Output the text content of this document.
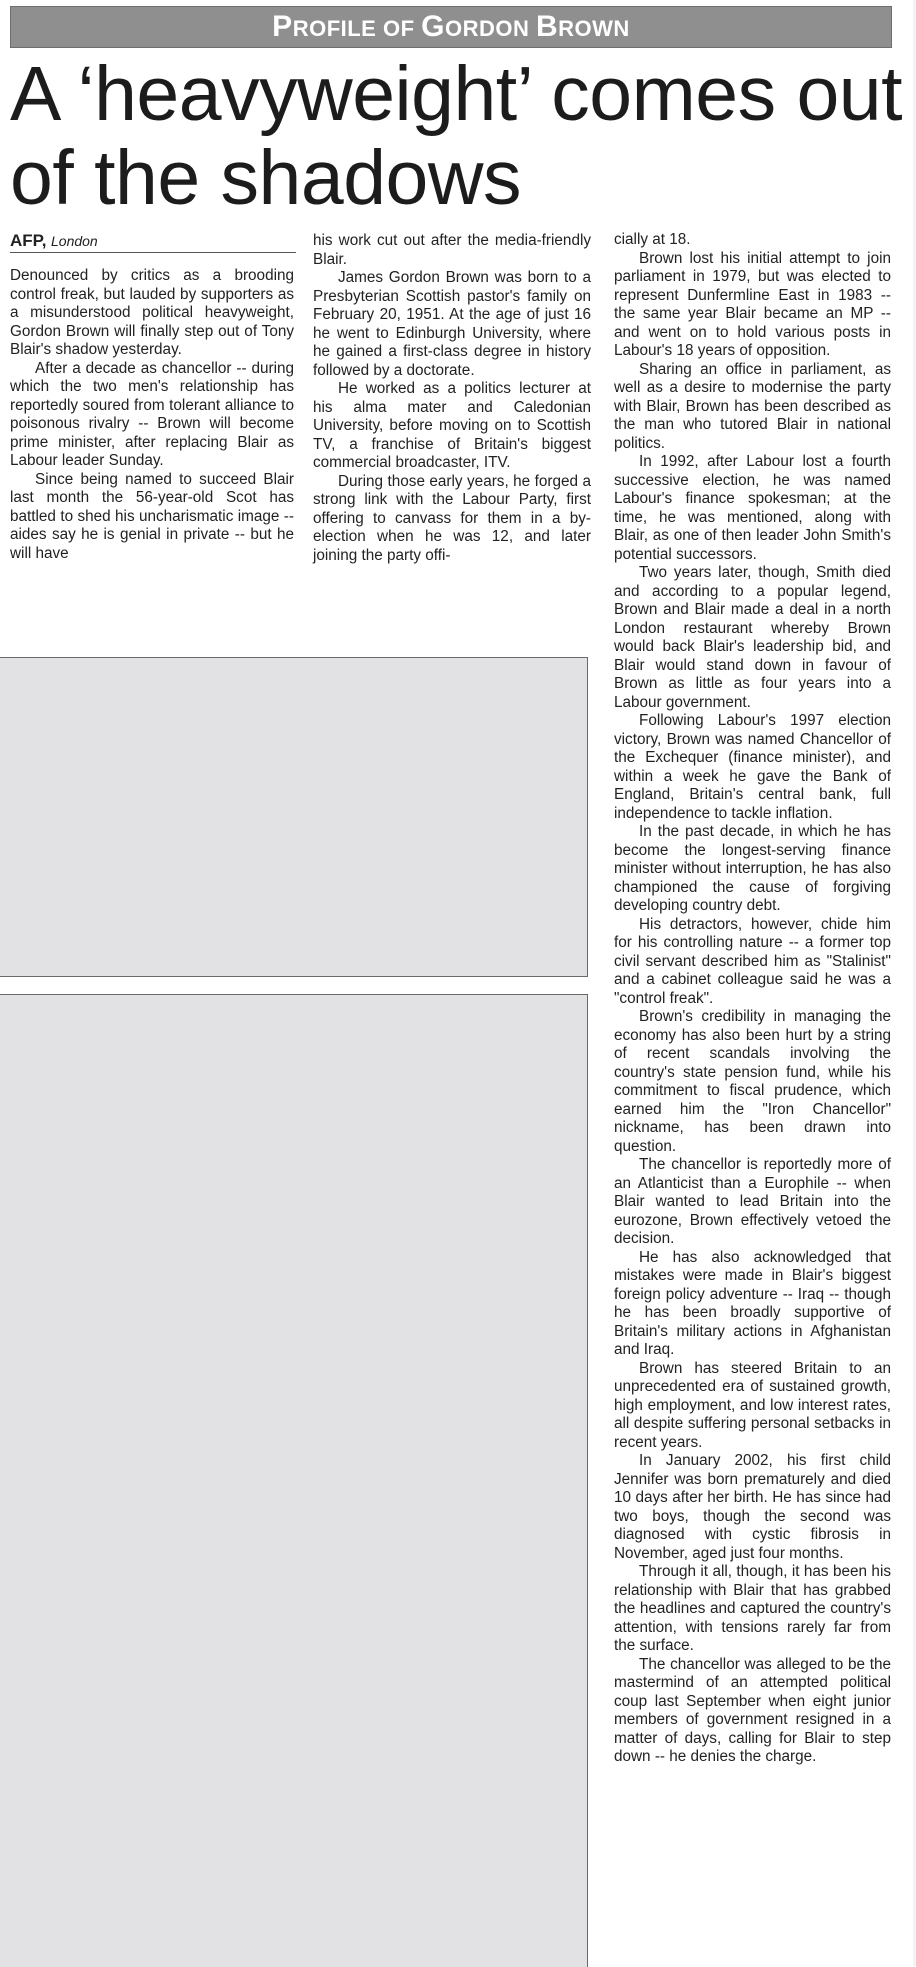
PROFILE OF GORDON BROWN
A ‘heavyweight’ comes out
of the shadows
AFP, London

Denounced by critics as a brooding control freak, but lauded by supporters as a misunderstood political heavyweight, Gordon Brown will finally step out of Tony Blair's shadow yesterday.

After a decade as chancellor -- during which the two men's relationship has reportedly soured from tolerant alliance to poisonous rivalry -- Brown will become prime minister, after replacing Blair as Labour leader Sunday.

Since being named to succeed Blair last month the 56-year-old Scot has battled to shed his uncharismatic image -- aides say he is genial in private -- but he will have

his work cut out after the media-friendly Blair.

James Gordon Brown was born to a Presbyterian Scottish pastor's family on February 20, 1951. At the age of just 16 he went to Edinburgh University, where he gained a first-class degree in history followed by a doctorate.

He worked as a politics lecturer at his alma mater and Caledonian University, before moving on to Scottish TV, a franchise of Britain's biggest commercial broadcaster, ITV.

During those early years, he forged a strong link with the Labour Party, first offering to canvass for them in a by-election when he was 12, and later joining the party offi-

cially at 18.

Brown lost his initial attempt to join parliament in 1979, but was elected to represent Dunfermline East in 1983 -- the same year Blair became an MP -- and went on to hold various posts in Labour's 18 years of opposition.

Sharing an office in parliament, as well as a desire to modernise the party with Blair, Brown has been described as the man who tutored Blair in national politics.

In 1992, after Labour lost a fourth successive election, he was named Labour's finance spokesman; at the time, he was mentioned, along with Blair, as one of then leader John Smith's potential successors.

Two years later, though, Smith died and according to a popular legend, Brown and Blair made a deal in a north London restaurant whereby Brown would back Blair's leadership bid, and Blair would stand down in favour of Brown as little as four years into a Labour government.

Following Labour's 1997 election victory, Brown was named Chancellor of the Exchequer (finance minister), and within a week he gave the Bank of England, Britain's central bank, full independence to tackle inflation.

In the past decade, in which he has become the longest-serving finance minister without interruption, he has also championed the cause of forgiving developing country debt.

His detractors, however, chide him for his controlling nature -- a former top civil servant described him as "Stalinist" and a cabinet colleague said he was a "control freak".

Brown's credibility in managing the economy has also been hurt by a string of recent scandals involving the country's state pension fund, while his commitment to fiscal prudence, which earned him the "Iron Chancellor" nickname, has been drawn into question.

The chancellor is reportedly more of an Atlanticist than a Europhile -- when Blair wanted to lead Britain into the eurozone, Brown effectively vetoed the decision.

He has also acknowledged that mistakes were made in Blair's biggest foreign policy adventure -- Iraq -- though he has been broadly supportive of Britain's military actions in Afghanistan and Iraq.

Brown has steered Britain to an unprecedented era of sustained growth, high employment, and low interest rates, all despite suffering personal setbacks in recent years.

In January 2002, his first child Jennifer was born prematurely and died 10 days after her birth. He has since had two boys, though the second was diagnosed with cystic fibrosis in November, aged just four months.

Through it all, though, it has been his relationship with Blair that has grabbed the headlines and captured the country's attention, with tensions rarely far from the surface.

The chancellor was alleged to be the mastermind of an attempted political coup last September when eight junior members of government resigned in a matter of days, calling for Blair to step down -- he denies the charge.
